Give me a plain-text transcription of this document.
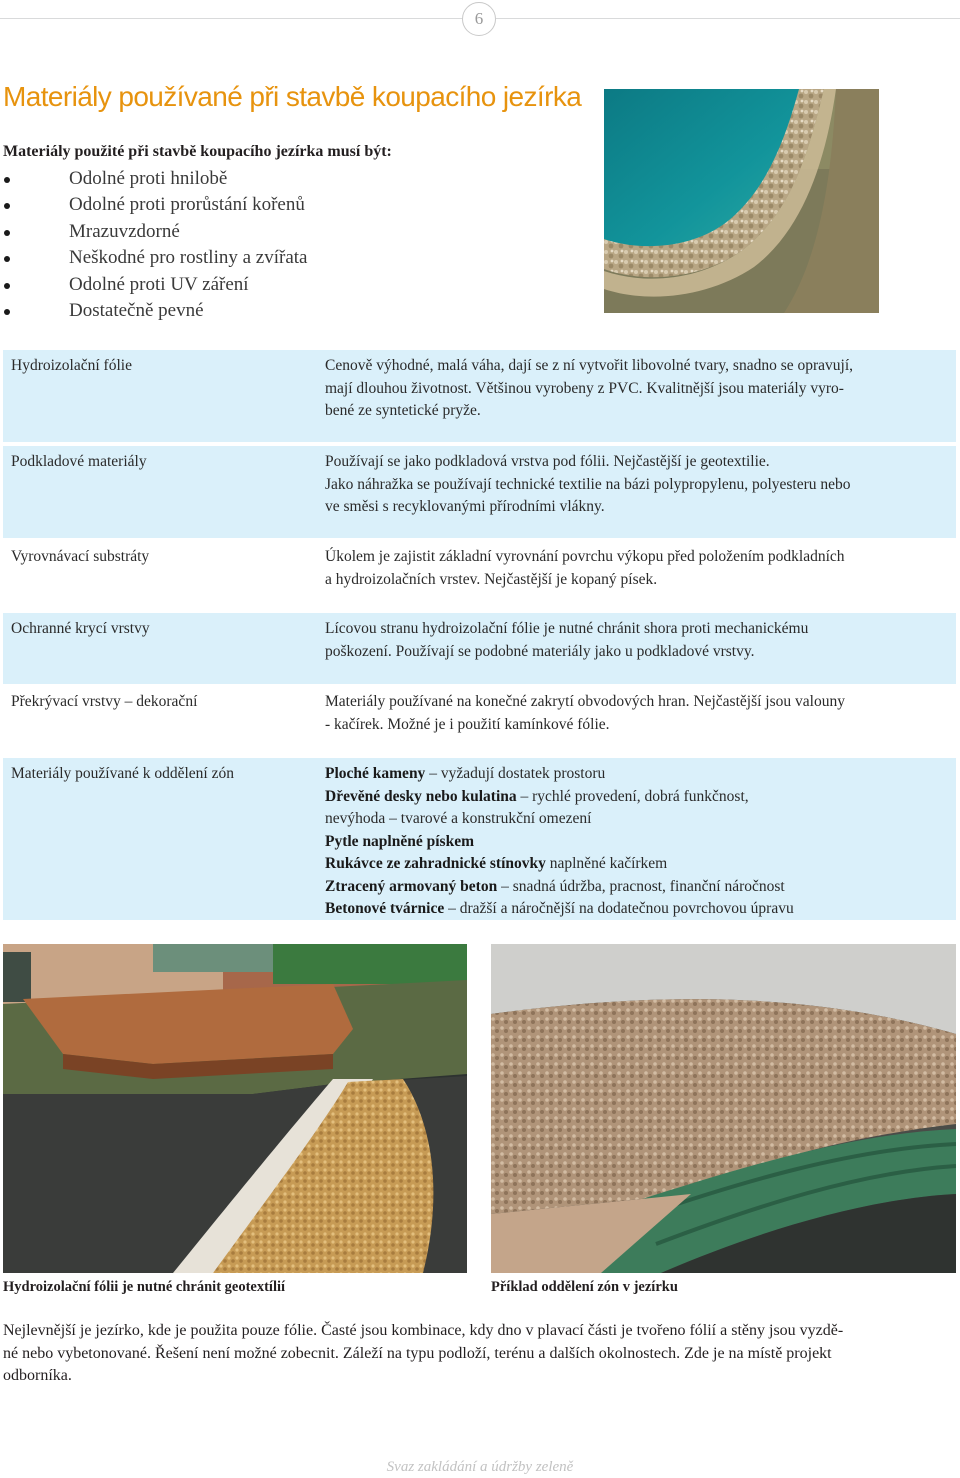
6
Materiály používané při stavbě koupacího jezírka
Materiály použité při stavbě koupacího jezírka musí být:
Odolné proti hnilobě
Odolné proti prorůstání kořenů
Mrazuvzdorné
Neškodné pro rostliny a zvířata
Odolné proti UV záření
Dostatečně pevné
Hydroizolační fólie	Cenově výhodné, malá váha, dají se z ní vytvořit libovolné tvary, snadno se opravují,
mají dlouhou životnost. Většinou vyrobeny z PVC. Kvalitnější jsou materiály vyro-
bené ze syntetické pryže.
Podkladové materiály	Používají se jako podkladová vrstva pod fólii. Nejčastější je geotextilie.
Jako náhražka se používají technické textilie na bázi polypropylenu, polyesteru nebo
ve směsi s recyklovanými přírodními vlákny.
Vyrovnávací substráty	Úkolem je zajistit základní vyrovnání povrchu výkopu před položením podkladních
a hydroizolačních vrstev. Nejčastější je kopaný písek.
Ochranné krycí vrstvy	Lícovou stranu hydroizolační fólie je nutné chránit shora proti mechanickému
poškození. Používají se podobné materiály jako u podkladové vrstvy.
Překrývací vrstvy – dekorační	Materiály používané na konečné zakrytí obvodových hran. Nejčastější jsou valouny
- kačírek. Možné je i použití kamínkové fólie.
Materiály používané k oddělení zón	Ploché kameny – vyžadují dostatek prostoru
Dřevěné desky nebo kulatina – rychlé provedení, dobrá funkčnost,
nevýhoda – tvarové a konstrukční omezení
Pytle naplněné pískem
Rukávce ze zahradnické stínovky naplněné kačírkem
Ztracený armovaný beton – snadná údržba, pracnost, finanční náročnost
Betonové tvárnice – dražší a náročnější na dodatečnou povrchovou úpravu
Hydroizolační fólii je nutné chránit geotextílií	Příklad oddělení zón v jezírku
Nejlevnější je jezírko, kde je použita pouze fólie. Časté jsou kombinace, kdy dno v plavací části je tvořeno fólií a stěny jsou vyzdě-
né nebo vybetonované. Řešení není možné zobecnit. Záleží na typu podloží, terénu a dalších okolnostech. Zde je na místě projekt
odborníka.
Svaz zakládání a údržby zeleně
